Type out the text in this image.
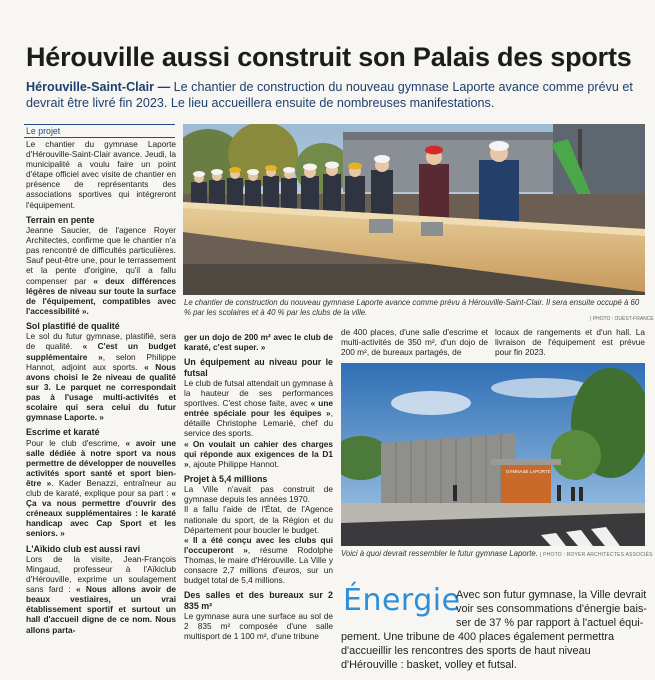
Hérouville aussi construit son Palais des sports
Hérouville-Saint-Clair — Le chantier de construction du nouveau gymnase Laporte avance comme prévu et devrait être livré fin 2023. Le lieu accueillera ensuite de nombreuses manifestations.
Le projet
Le chantier du gymnase Laporte d'Hérouville-Saint-Clair avance. Jeudi, la municipalité a voulu faire un point d'étape officiel avec visite de chantier en présence de représentants des associations sportives qui intégreront l'équipement.
Terrain en pente
Jeanne Saucier, de l'agence Royer Architectes, confirme que le chantier n'a pas rencontré de difficultés particulières. Sauf peut-être une, pour le terrassement et la pente d'origine, qu'il a fallu compenser par « deux différences légères de niveau sur toute la surface de l'équipement, compatibles avec l'accessibilité ».
Sol plastifié de qualité
Le sol du futur gymnase, plastifié, sera de qualité. « C'est un budget supplémentaire », selon Philippe Hannot, adjoint aux sports. « Nous avons choisi le 2e niveau de qualité sur 3. Le parquet ne correspondait pas à l'usage multi-activités et scolaire qui sera celui du futur gymnase Laporte. »
Escrime et karaté
Pour le club d'escrime, « avoir une salle dédiée à notre sport va nous permettre de développer de nouvelles activités sport santé et sport bien-être ». Kader Benazzi, entraîneur au club de karaté, explique pour sa part : « Ça va nous permettre d'ouvrir des créneaux supplémentaires : le karaté handicap avec Cap Sport et les seniors. »
L'Aïkido club est aussi ravi
Lors de la visite, Jean-François Mingaud, professeur à l'Aïkiclub d'Hérouville, exprime un soulagement sans fard : « Nous allons avoir de beaux vestiaires, un vrai établissement sportif et surtout un hall d'accueil digne de ce nom. Nous allons parta-
ger un dojo de 200 m² avec le club de karaté, c'est super. »
Un équipement au niveau pour le futsal
Le club de futsal attendait un gymnase à la hauteur de ses performances sportives. C'est chose faite, avec « une entrée spéciale pour les équipes », détaille Christophe Lemarié, chef du service des sports.
« On voulait un cahier des charges qui réponde aux exigences de la D1 », ajoute Philippe Hannot.
Projet à 5,4 millions
La Ville n'avait pas construit de gymnase depuis les années 1970.
Il a fallu l'aide de l'État, de l'Agence nationale du sport, de la Région et du Département pour boucler le budget.
« Il a été conçu avec les clubs qui l'occuperont », résume Rodolphe Thomas, le maire d'Hérouville. La Ville y consacre 2,7 millions d'euros, sur un budget total de 5,4 millions.
Des salles et des bureaux sur 2 835 m²
Le gymnase aura une surface au sol de 2 835 m² composée d'une salle multisport de 1 100 m², d'une tribune
de 400 places, d'une salle d'escrime et multi-activités de 350 m², d'un dojo de 200 m², de bureaux partagés, de
locaux de rangements et d'un hall. La livraison de l'équipement est prévue pour fin 2023.
Le chantier de construction du nouveau gymnase Laporte avance comme prévu à Hérouville-Saint-Clair. Il sera ensuite occupé à 60 % par les scolaires et à 40 % par les clubs de la ville.
| PHOTO : OUEST-FRANCE
GYMNASE LAPORTE
Voici à quoi devrait ressembler le futur gymnase Laporte. | PHOTO : ROYER ARCHITECTES ASSOCIÉS
Énergie
Avec son futur gymnase, la Ville devrait
voir ses consommations d'énergie bais-
ser de 37 % par rapport à l'actuel équi-
pement. Une tribune de 400 places également permettra
d'accueillir les rencontres des sports de haut niveau d'Hérouville : basket, volley et futsal.
